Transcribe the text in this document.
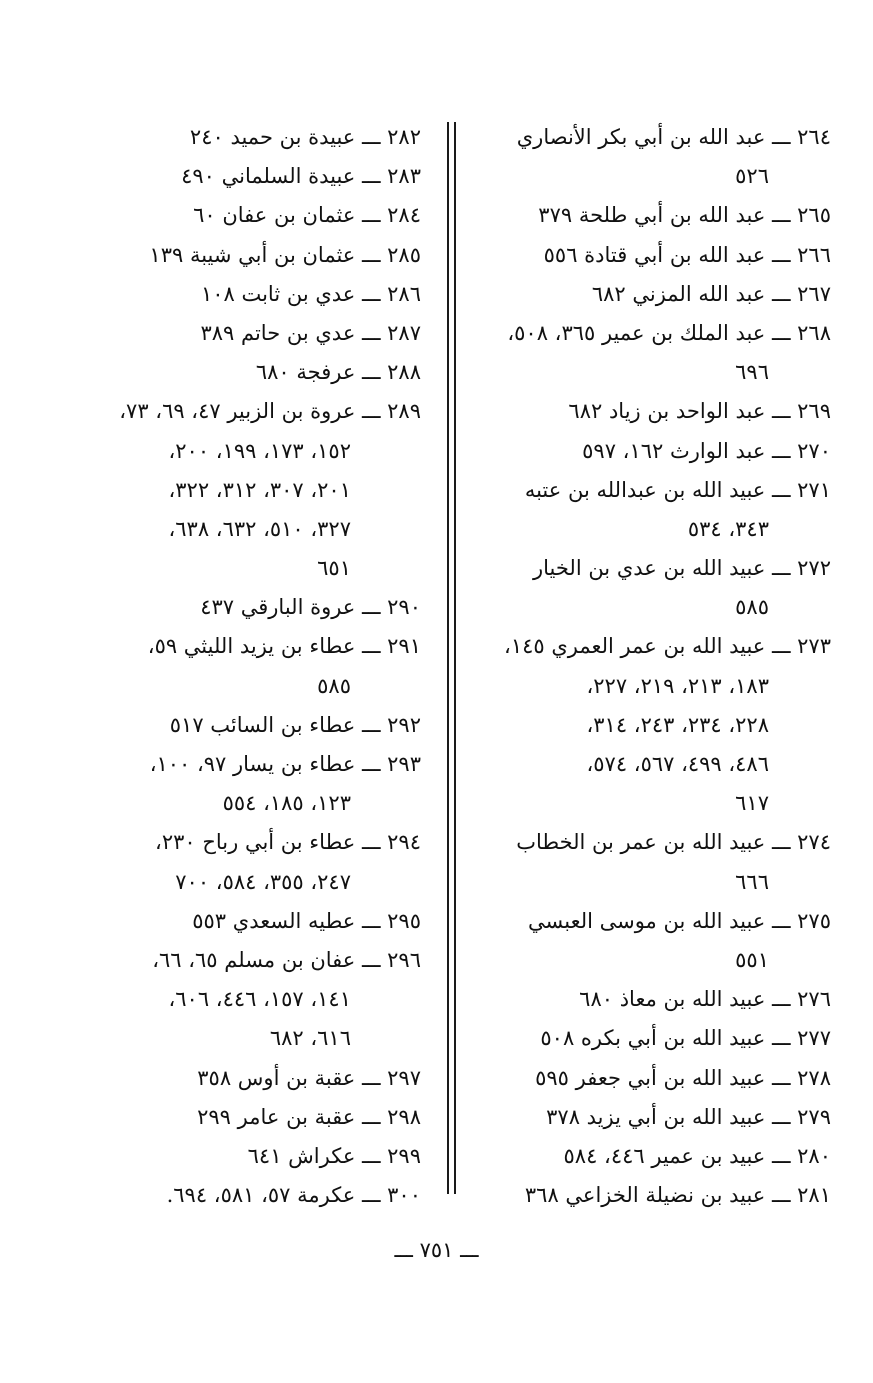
٢٦٤ ـــ عبد الله بن أبي بكر الأنصاري
٥٢٦
٢٦٥ ـــ عبد الله بن أبي طلحة ٣٧٩
٢٦٦ ـــ عبد الله بن أبي قتادة ٥٥٦
٢٦٧ ـــ عبد الله المزني ٦٨٢
٢٦٨ ـــ عبد الملك بن عمير ٣٦٥، ٥٠٨،
٦٩٦
٢٦٩ ـــ عبد الواحد بن زياد ٦٨٢
٢٧٠ ـــ عبد الوارث ١٦٢، ٥٩٧
٢٧١ ـــ عبيد الله بن عبدالله بن عتبه
٣٤٣، ٥٣٤
٢٧٢ ـــ عبيد الله بن عدي بن الخيار
٥٨٥
٢٧٣ ـــ عبيد الله بن عمر العمري ١٤٥،
١٨٣، ٢١٣، ٢١٩، ٢٢٧،
٢٢٨، ٢٣٤، ٢٤٣، ٣١٤،
٤٨٦، ٤٩٩، ٥٦٧، ٥٧٤،
٦١٧
٢٧٤ ـــ عبيد الله بن عمر بن الخطاب
٦٦٦
٢٧٥ ـــ عبيد الله بن موسى العبسي
٥٥١
٢٧٦ ـــ عبيد الله بن معاذ ٦٨٠
٢٧٧ ـــ عبيد الله بن أبي بكره ٥٠٨
٢٧٨ ـــ عبيد الله بن أبي جعفر ٥٩٥
٢٧٩ ـــ عبيد الله بن أبي يزيد ٣٧٨
٢٨٠ ـــ عبيد بن عمير ٤٤٦، ٥٨٤
٢٨١ ـــ عبيد بن نضيلة الخزاعي ٣٦٨
٢٨٢ ـــ عبيدة بن حميد ٢٤٠
٢٨٣ ـــ عبيدة السلماني ٤٩٠
٢٨٤ ـــ عثمان بن عفان ٦٠
٢٨٥ ـــ عثمان بن أبي شيبة ١٣٩
٢٨٦ ـــ عدي بن ثابت ١٠٨
٢٨٧ ـــ عدي بن حاتم ٣٨٩
٢٨٨ ـــ عرفجة ٦٨٠
٢٨٩ ـــ عروة بن الزبير ٤٧، ٦٩، ٧٣،
١٥٢، ١٧٣، ١٩٩، ٢٠٠،
٢٠١، ٣٠٧، ٣١٢، ٣٢٢،
٣٢٧، ٥١٠، ٦٣٢، ٦٣٨،
٦٥١
٢٩٠ ـــ عروة البارقي ٤٣٧
٢٩١ ـــ عطاء بن يزيد الليثي ٥٩،
٥٨٥
٢٩٢ ـــ عطاء بن السائب ٥١٧
٢٩٣ ـــ عطاء بن يسار ٩٧، ١٠٠،
١٢٣، ١٨٥، ٥٥٤
٢٩٤ ـــ عطاء بن أبي رباح ٢٣٠،
٢٤٧، ٣٥٥، ٥٨٤، ٧٠٠
٢٩٥ ـــ عطيه السعدي ٥٥٣
٢٩٦ ـــ عفان بن مسلم ٦٥، ٦٦،
١٤١، ١٥٧، ٤٤٦، ٦٠٦،
٦١٦، ٦٨٢
٢٩٧ ـــ عقبة بن أوس ٣٥٨
٢٩٨ ـــ عقبة بن عامر ٢٩٩
٢٩٩ ـــ عكراش ٦٤١
٣٠٠ ـــ عكرمة ٥٧، ٥٨١، ٦٩٤.
ـــ ٧٥١ ـــ
